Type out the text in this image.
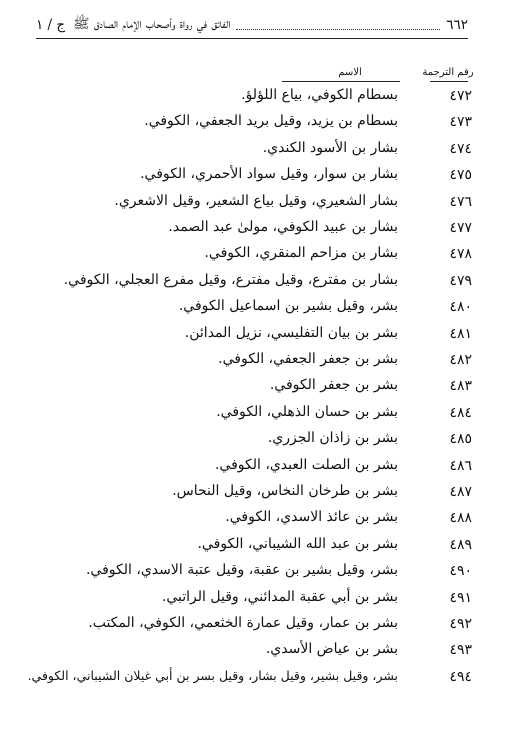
٦٦٢
الفائق في رواة وأصحاب الإمام الصادق ﷺ
ج / ١
رقم الترجمة
الاسم
٤٧٢
بسطام الكوفي، بياع اللؤلؤ.
٤٧٣
بسطام بن يزيد، وقيل بريد الجعفي، الكوفي.
٤٧٤
بشار بن الأسود الكندي.
٤٧٥
بشار بن سوار، وقيل سواد الأحمري، الكوفي.
٤٧٦
بشار الشعيري، وقيل بياع الشعير، وقيل الاشعري.
٤٧٧
بشار بن عبيد الكوفي، مولىٰ عبد الصمد.
٤٧٨
بشار بن مزاحم المنقري، الكوفي.
٤٧٩
بشار بن مفترع، وقيل مفترع، وقيل مفرع العجلي، الكوفي.
٤٨٠
بشر، وقيل بشير بن اسماعيل الكوفي.
٤٨١
بشر بن بيان التفليسي، نزيل المدائن.
٤٨٢
بشر بن جعفر الجعفي، الكوفي.
٤٨٣
بشر بن جعفر الكوفي.
٤٨٤
بشر بن حسان الذهلي، الكوفي.
٤٨٥
بشر بن زاذان الجزري.
٤٨٦
بشر بن الصلت العبدي، الكوفي.
٤٨٧
بشر بن طرخان النخاس، وقيل النحاس.
٤٨٨
بشر بن عائذ الاسدي، الكوفي.
٤٨٩
بشر بن عبد الله الشيباني، الكوفي.
٤٩٠
بشر، وقيل بشير بن عقبة، وقيل عتبة الاسدي، الكوفي.
٤٩١
بشر بن أبي عقبة المدائني، وقيل الراتبي.
٤٩٢
بشر بن عمار، وقيل عمارة الخثعمي، الكوفي، المكتب.
٤٩٣
بشر بن عياض الأسدي.
٤٩٤
بشر، وقيل بشير، وقيل بشار، وقيل بسر بن أبي غيلان الشيباني، الكوفي.
